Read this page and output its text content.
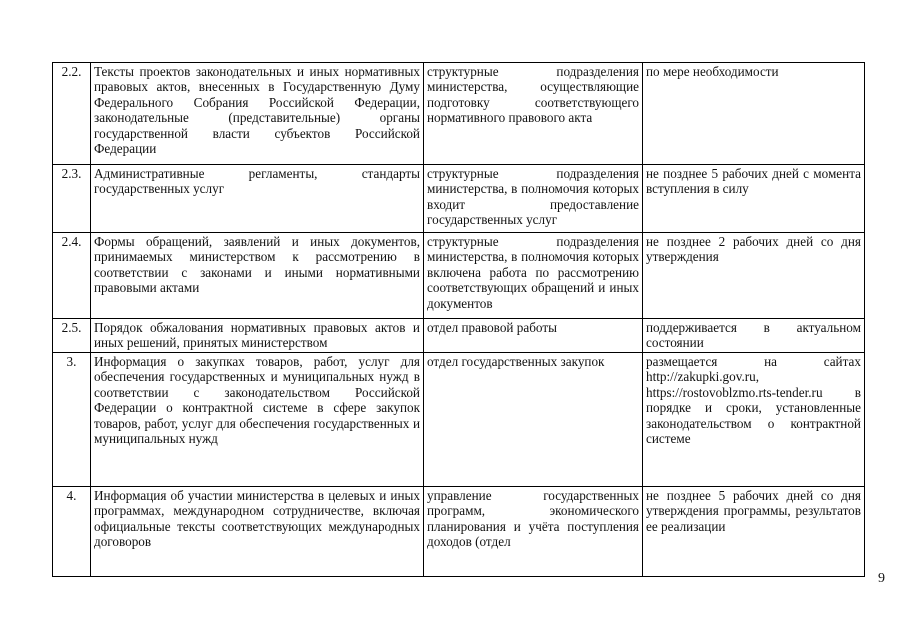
2.2.	Тексты проектов законодательных и иных нормативных правовых актов, внесенных в Государственную Думу Федерального Собрания Российской Федерации, законодательные (представительные) органы государственной власти субъектов Российской Федерации	структурные подразделения министерства, осуществляющие подготовку соответствующего нормативного правового акта	по мере необходимости
2.3.	Административные регламенты, стандарты государственных услуг	структурные подразделения министерства, в полномочия которых входит предоставление государственных услуг	не позднее 5 рабочих дней с момента вступления в силу
2.4.	Формы обращений, заявлений и иных документов, принимаемых министерством к рассмотрению в соответствии с законами и иными нормативными правовыми актами	структурные подразделения министерства, в полномочия которых включена работа по рассмотрению соответствующих обращений и иных документов	не позднее 2 рабочих дней со дня утверждения
2.5.	Порядок обжалования нормативных правовых актов и иных решений, принятых министерством	отдел правовой работы	поддерживается в актуальном состоянии
3.	Информация о закупках товаров, работ, услуг для обеспечения государственных и муниципальных нужд в соответствии с законодательством Российской Федерации о контрактной системе в сфере закупок товаров, работ, услуг для обеспечения государственных и муниципальных нужд	отдел государственных закупок	размещается на сайтах http://zakupki.gov.ru, https://rostovoblzmo.rts-tender.ru в порядке и сроки, установленные законодательством о контрактной системе
4.	Информация об участии министерства в целевых и иных программах, международном сотрудничестве, включая официальные тексты соответствующих международных договоров	управление государственных программ, экономического планирования и учёта поступления доходов (отдел	не позднее 5 рабочих дней со дня утверждения программы, результатов ее реализации
9
